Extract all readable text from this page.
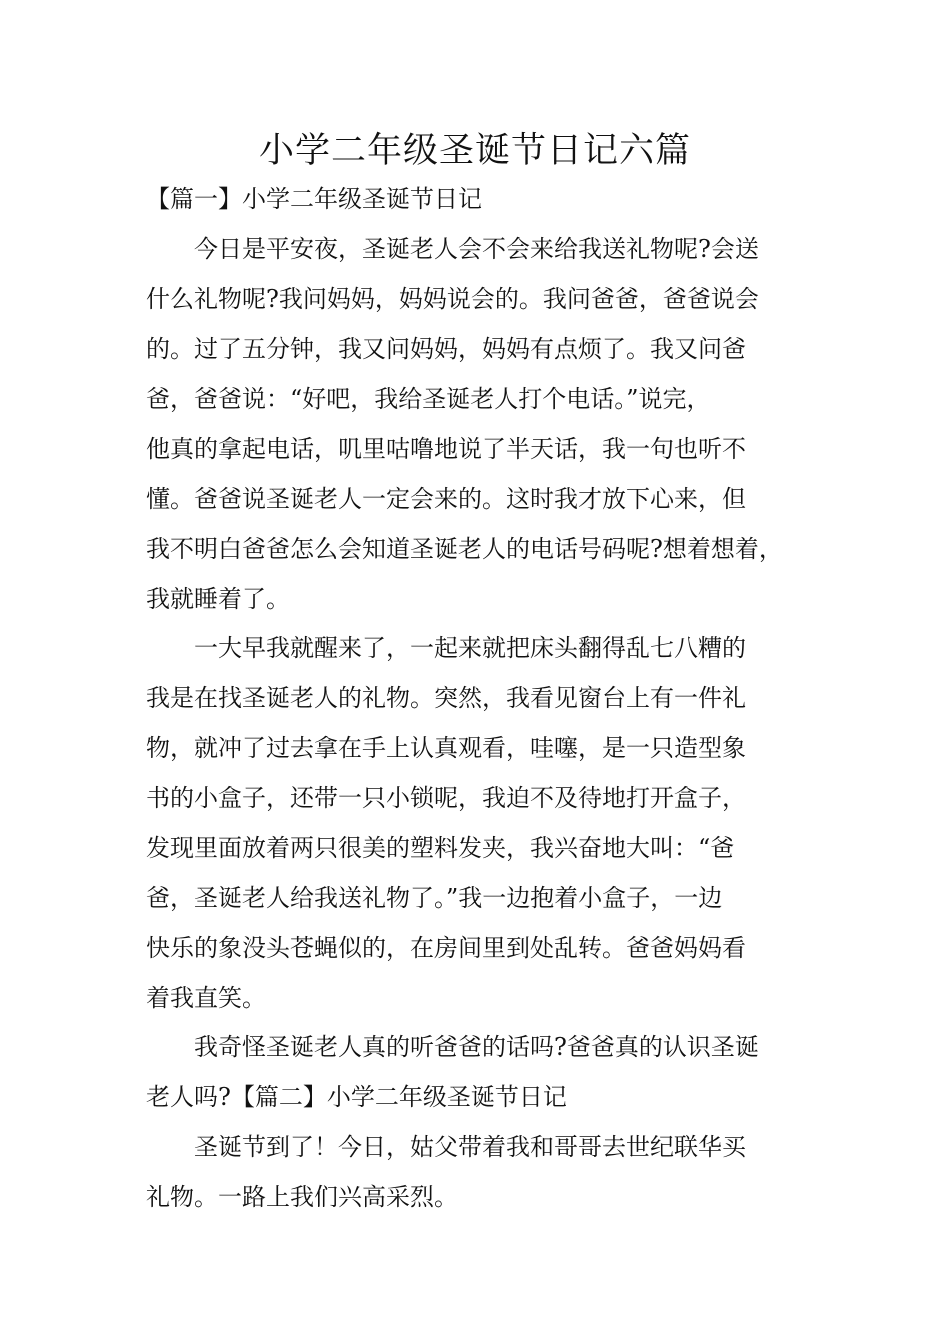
小学二年级圣诞节日记六篇

【篇一】小学二年级圣诞节日记

今日是平安夜，圣诞老人会不会来给我送礼物呢?会送

什么礼物呢?我问妈妈，妈妈说会的。我问爸爸，爸爸说会

的。过了五分钟，我又问妈妈，妈妈有点烦了。我又问爸

爸，爸爸说：“好吧，我给圣诞老人打个电话。”说完，

他真的拿起电话，叽里咕噜地说了半天话，我一句也听不

懂。爸爸说圣诞老人一定会来的。这时我才放下心来，但

我不明白爸爸怎么会知道圣诞老人的电话号码呢?想着想着，

我就睡着了。

一大早我就醒来了，一起来就把床头翻得乱七八糟的

我是在找圣诞老人的礼物。突然，我看见窗台上有一件礼

物，就冲了过去拿在手上认真观看，哇噻，是一只造型象

书的小盒子，还带一只小锁呢，我迫不及待地打开盒子，

发现里面放着两只很美的塑料发夹，我兴奋地大叫：“爸

爸，圣诞老人给我送礼物了。”我一边抱着小盒子，一边

快乐的象没头苍蝇似的，在房间里到处乱转。爸爸妈妈看

着我直笑。

我奇怪圣诞老人真的听爸爸的话吗?爸爸真的认识圣诞

老人吗?【篇二】小学二年级圣诞节日记

圣诞节到了！今日，姑父带着我和哥哥去世纪联华买

礼物。一路上我们兴高采烈。
